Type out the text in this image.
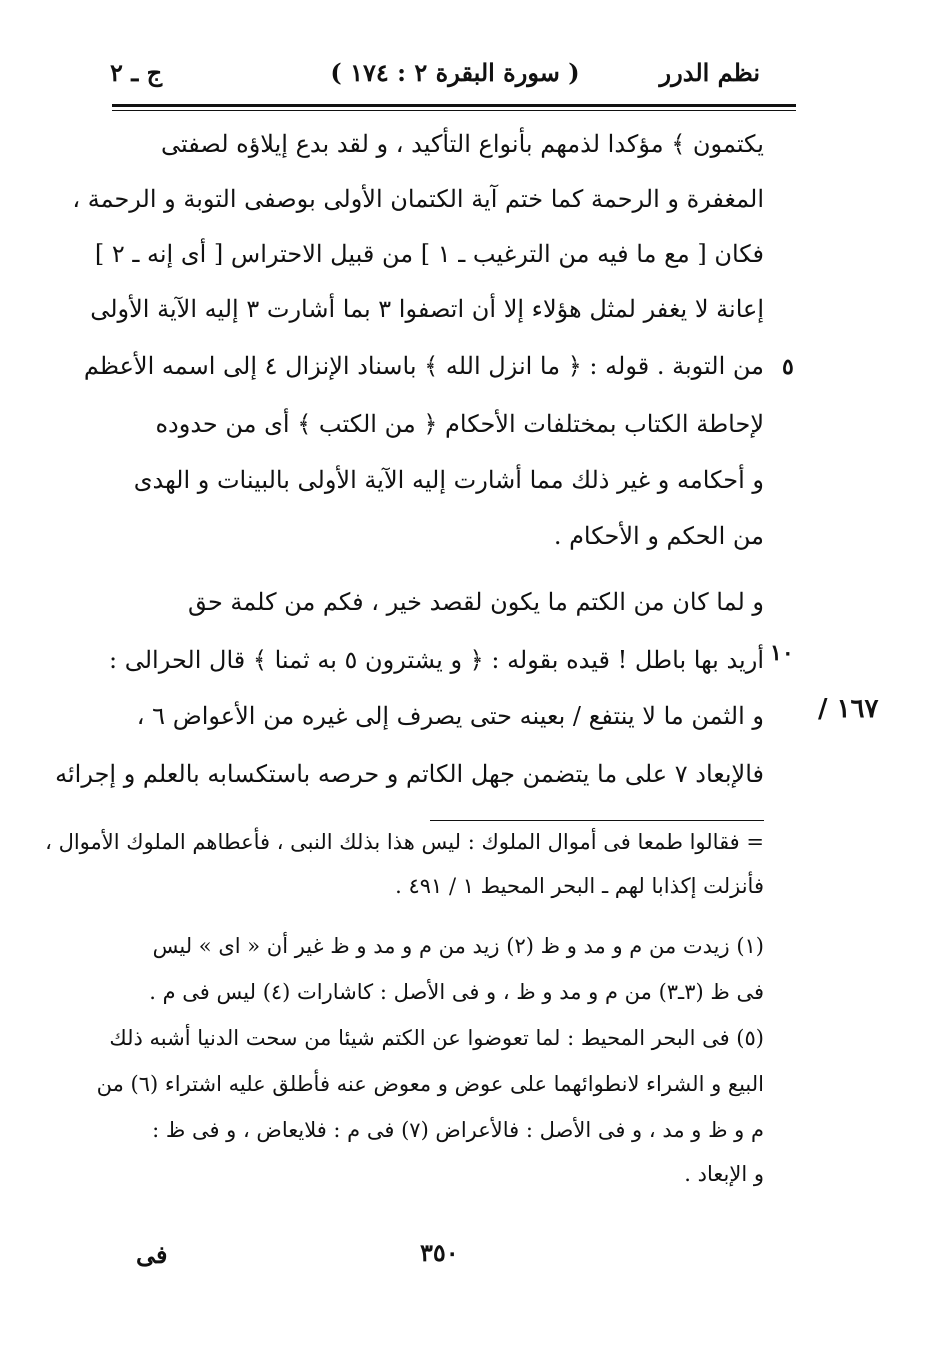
نظم الدرر
( سورة البقرة ٢ : ١٧٤ )
ج ـ ٢
يكتمون ﴾ مؤكدا لذمهم بأنواع التأكيد ، و لقد بدع إيلاؤه لصفتى
المغفرة و الرحمة كما ختم آية الكتمان الأولى بوصفى التوبة و الرحمة ،
فكان [ مع ما فيه من الترغيب ـ ١ ] من قبيل الاحتراس [ أى إنه ـ ٢ ]
إعانة لا يغفر لمثل هؤلاء إلا أن اتصفوا ٣ بما أشارت ٣ إليه الآية الأولى
من التوبة . قوله : ﴿ ما انزل الله ﴾ باسناد الإنزال ٤ إلى اسمه الأعظم
لإحاطة الكتاب بمختلفات الأحكام ﴿ من الكتب ﴾ أى من حدوده
و أحكامه و غير ذلك مما أشارت إليه الآية الأولى بالبينات و الهدى
من الحكم و الأحكام .
٥
و لما كان من الكتم ما يكون لقصد خير ، فكم من كلمة حق
أريد بها باطل ! قيده بقوله : ﴿ و يشترون ٥ به ثمنا ﴾ قال الحرالى :
و الثمن ما لا ينتفع / بعينه حتى يصرف إلى غيره من الأعواض ٦ ،
فالإبعاد ٧ على ما يتضمن جهل الكاتم و حرصه باستكسابه بالعلم و إجرائه
١٠
١٦٧ /
= فقالوا طمعا فى أموال الملوك : ليس هذا بذلك النبى ، فأعطاهم الملوك الأموال ،
فأنزلت إكذابا لهم ـ البحر المحيط ١ / ٤٩١ .
(١) زيدت من م و مد و ظ (٢) زيد من م و مد و ظ غير أن « اى » ليس
فى ظ (٣ـ٣) من م و مد و ظ ، و فى الأصل : كاشارات (٤) ليس فى م .
(٥) فى البحر المحيط : لما تعوضوا عن الكتم شيئا من سحت الدنيا أشبه ذلك
البيع و الشراء لانطوائهما على عوض و معوض عنه فأطلق عليه اشتراء (٦) من
م و ظ و مد ، و فى الأصل : فالأعراض (٧) فى م : فلايعاض ، و فى ظ :
و الإبعاد .
٣٥٠
فى
